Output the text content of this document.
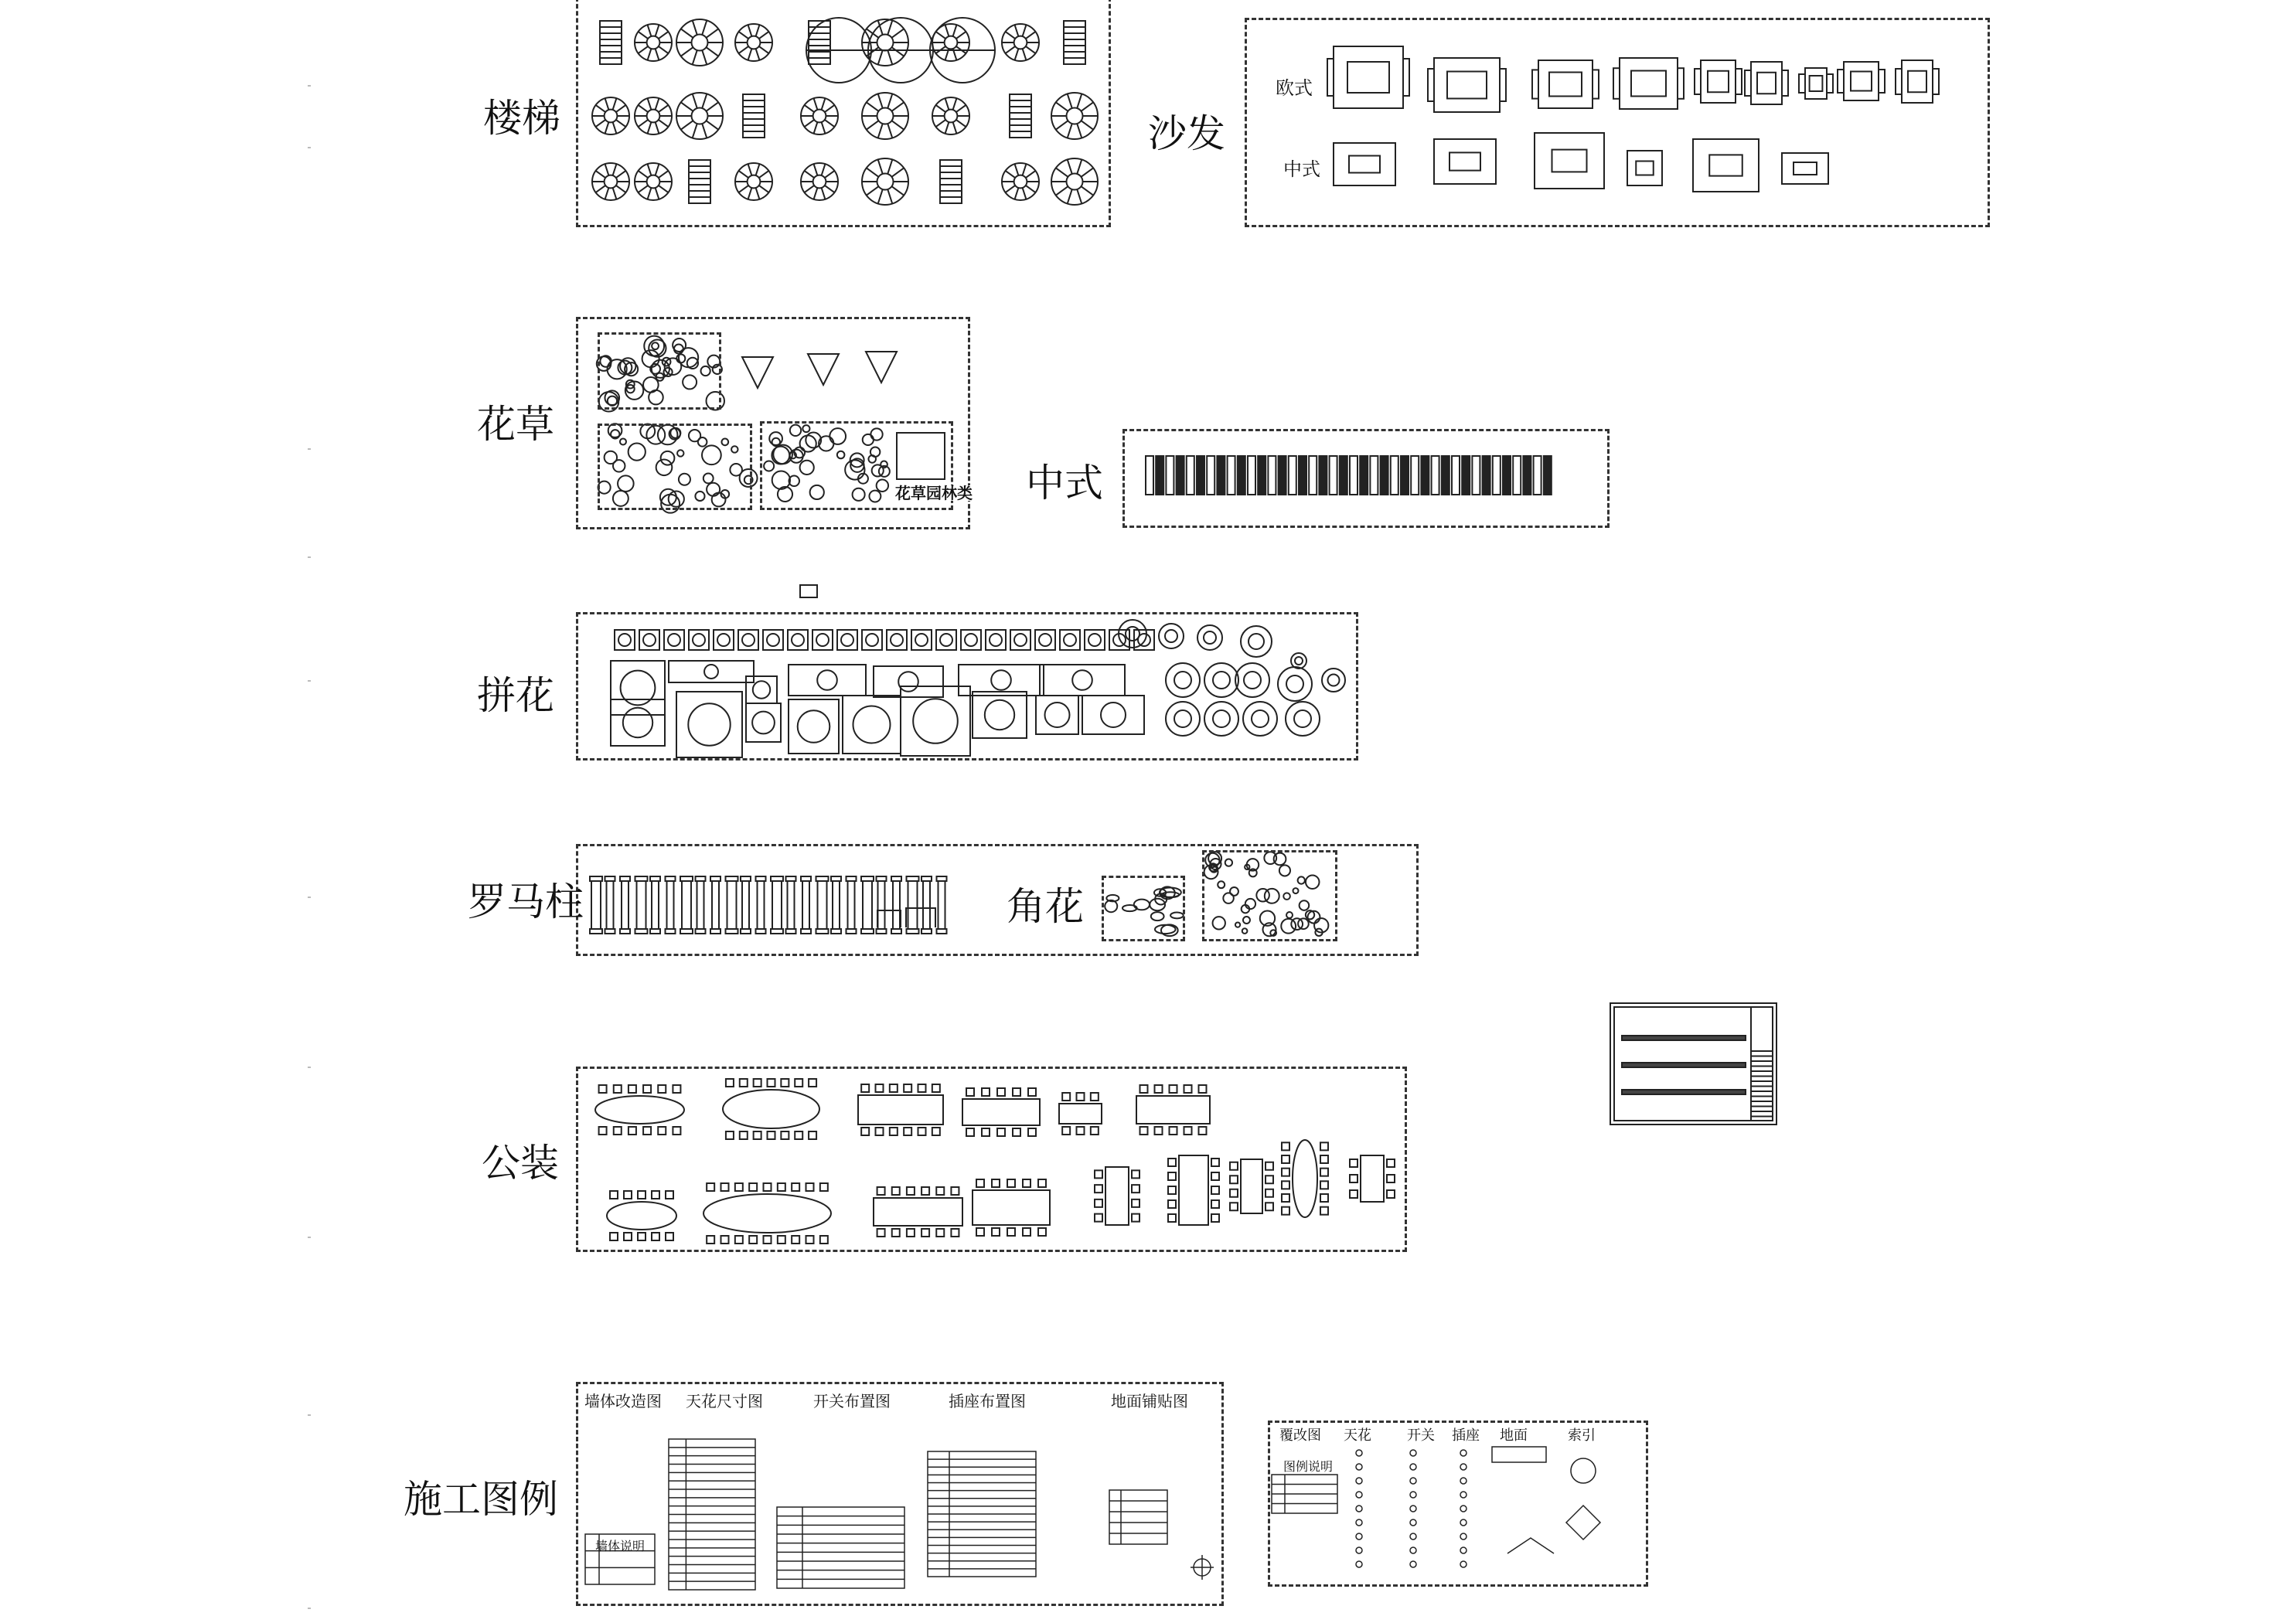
楼梯	沙发
花草
中式
拼花
罗马柱	角花
公装
施工图例
欧式
中式
花草园林类
墙体改造图 天花尺寸图	开关布置图	插座布置图	地面铺贴图
墙体说明
覆改图 天花	开关 插座 地面	索引
图例说明
